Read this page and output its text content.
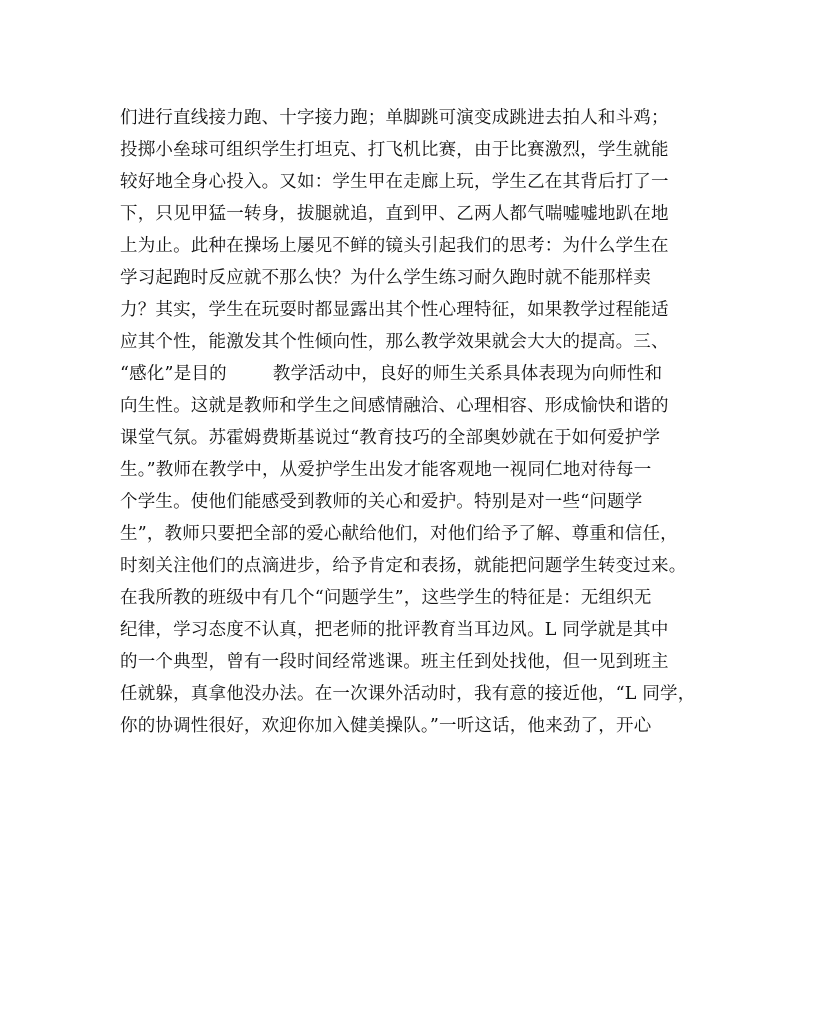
们进行直线接力跑、十字接力跑；单脚跳可演变成跳进去拍人和斗鸡；
投掷小垒球可组织学生打坦克、打飞机比赛，由于比赛激烈，学生就能
较好地全身心投入。又如：学生甲在走廊上玩，学生乙在其背后打了一
下，只见甲猛一转身，拔腿就追，直到甲、乙两人都气喘嘘嘘地趴在地
上为止。此种在操场上屡见不鲜的镜头引起我们的思考：为什么学生在
学习起跑时反应就不那么快？为什么学生练习耐久跑时就不能那样卖
力？其实，学生在玩耍时都显露出其个性心理特征，如果教学过程能适
应其个性，能激发其个性倾向性，那么教学效果就会大大的提高。三、
“感化”是目的        教学活动中，良好的师生关系具体表现为向师性和
向生性。这就是教师和学生之间感情融洽、心理相容、形成愉快和谐的
课堂气氛。苏霍姆费斯基说过“教育技巧的全部奥妙就在于如何爱护学
生。”教师在教学中，从爱护学生出发才能客观地一视同仁地对待每一
个学生。使他们能感受到教师的关心和爱护。特别是对一些“问题学
生”，教师只要把全部的爱心献给他们，对他们给予了解、尊重和信任，
时刻关注他们的点滴进步，给予肯定和表扬，就能把问题学生转变过来。
在我所教的班级中有几个“问题学生”，这些学生的特征是：无组织无
纪律，学习态度不认真，把老师的批评教育当耳边风。L 同学就是其中
的一个典型，曾有一段时间经常逃课。班主任到处找他，但一见到班主
任就躲，真拿他没办法。在一次课外活动时，我有意的接近他，“L 同学，
你的协调性很好，欢迎你加入健美操队。”一听这话，他来劲了，开心
